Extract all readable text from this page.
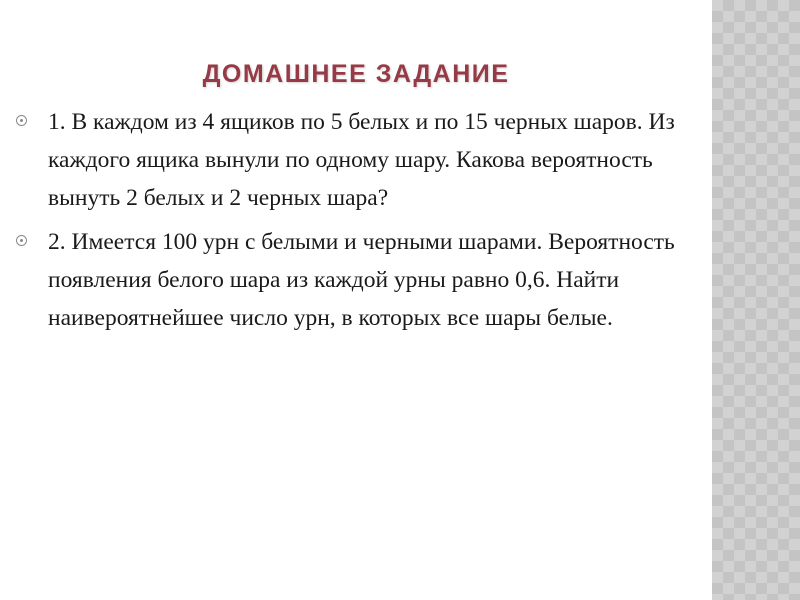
ДОМАШНЕЕ ЗАДАНИЕ
1. В каждом из 4 ящиков по 5 белых и по 15 черных шаров. Из каждого ящика вынули по одному шару. Какова вероятность вынуть 2 белых и 2 черных шара?
2. Имеется 100 урн с белыми и черными шарами. Вероятность появления белого шара из каждой урны равно 0,6. Найти наивероятнейшее число урн, в которых все шары белые.
